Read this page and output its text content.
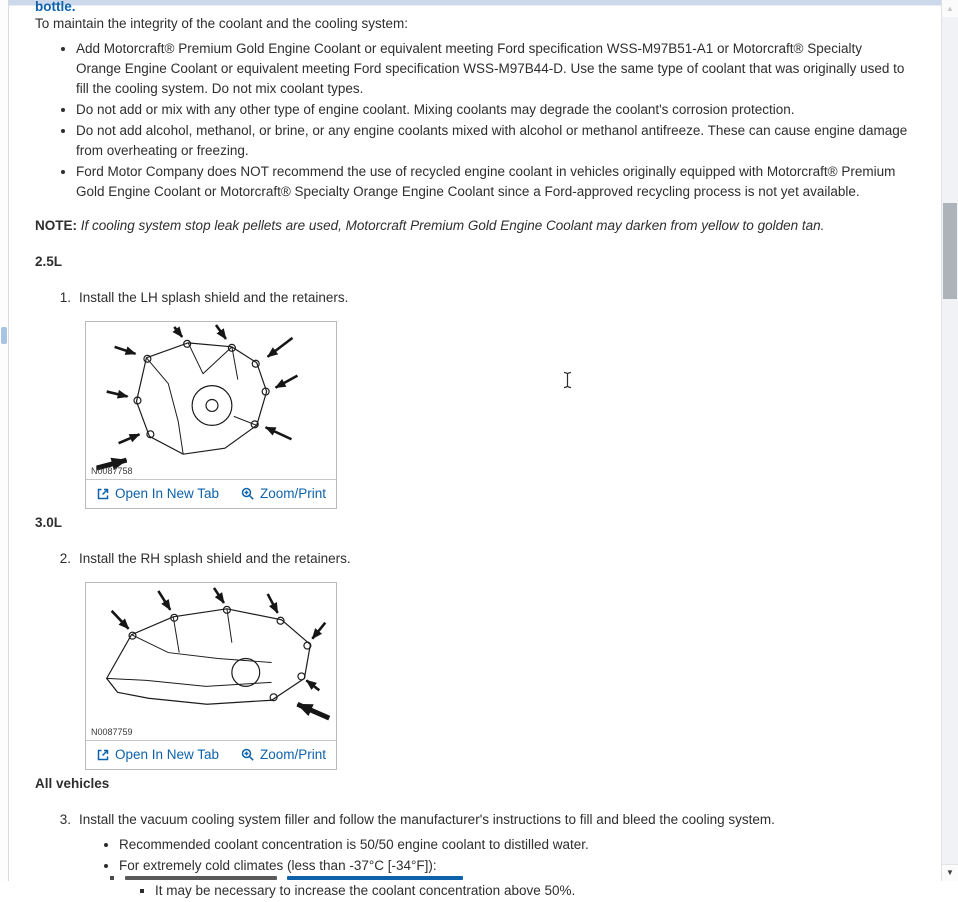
bottle.

To maintain the integrity of the coolant and the cooling system:

• Add Motorcraft® Premium Gold Engine Coolant or equivalent meeting Ford specification WSS-M97B51-A1 or Motorcraft® Specialty Orange Engine Coolant or equivalent meeting Ford specification WSS-M97B44-D. Use the same type of coolant that was originally used to fill the cooling system. Do not mix coolant types.
• Do not add or mix with any other type of engine coolant. Mixing coolants may degrade the coolant's corrosion protection.
• Do not add alcohol, methanol, or brine, or any engine coolants mixed with alcohol or methanol antifreeze. These can cause engine damage from overheating or freezing.
• Ford Motor Company does NOT recommend the use of recycled engine coolant in vehicles originally equipped with Motorcraft® Premium Gold Engine Coolant or Motorcraft® Specialty Orange Engine Coolant since a Ford-approved recycling process is not yet available.

NOTE: If cooling system stop leak pellets are used, Motorcraft Premium Gold Engine Coolant may darken from yellow to golden tan.

2.5L
1. Install the LH splash shield and the retainers.
N0087758
Open In New Tab	Zoom/Print
3.0L
2. Install the RH splash shield and the retainers.
N0087759
Open In New Tab	Zoom/Print
All vehicles
3. Install the vacuum cooling system filler and follow the manufacturer's instructions to fill and bleed the cooling system.
• Recommended coolant concentration is 50/50 engine coolant to distilled water.
• For extremely cold climates (less than -37°C [-34°F]):
▪ It may be necessary to increase the coolant concentration above 50%.
▲
▼
